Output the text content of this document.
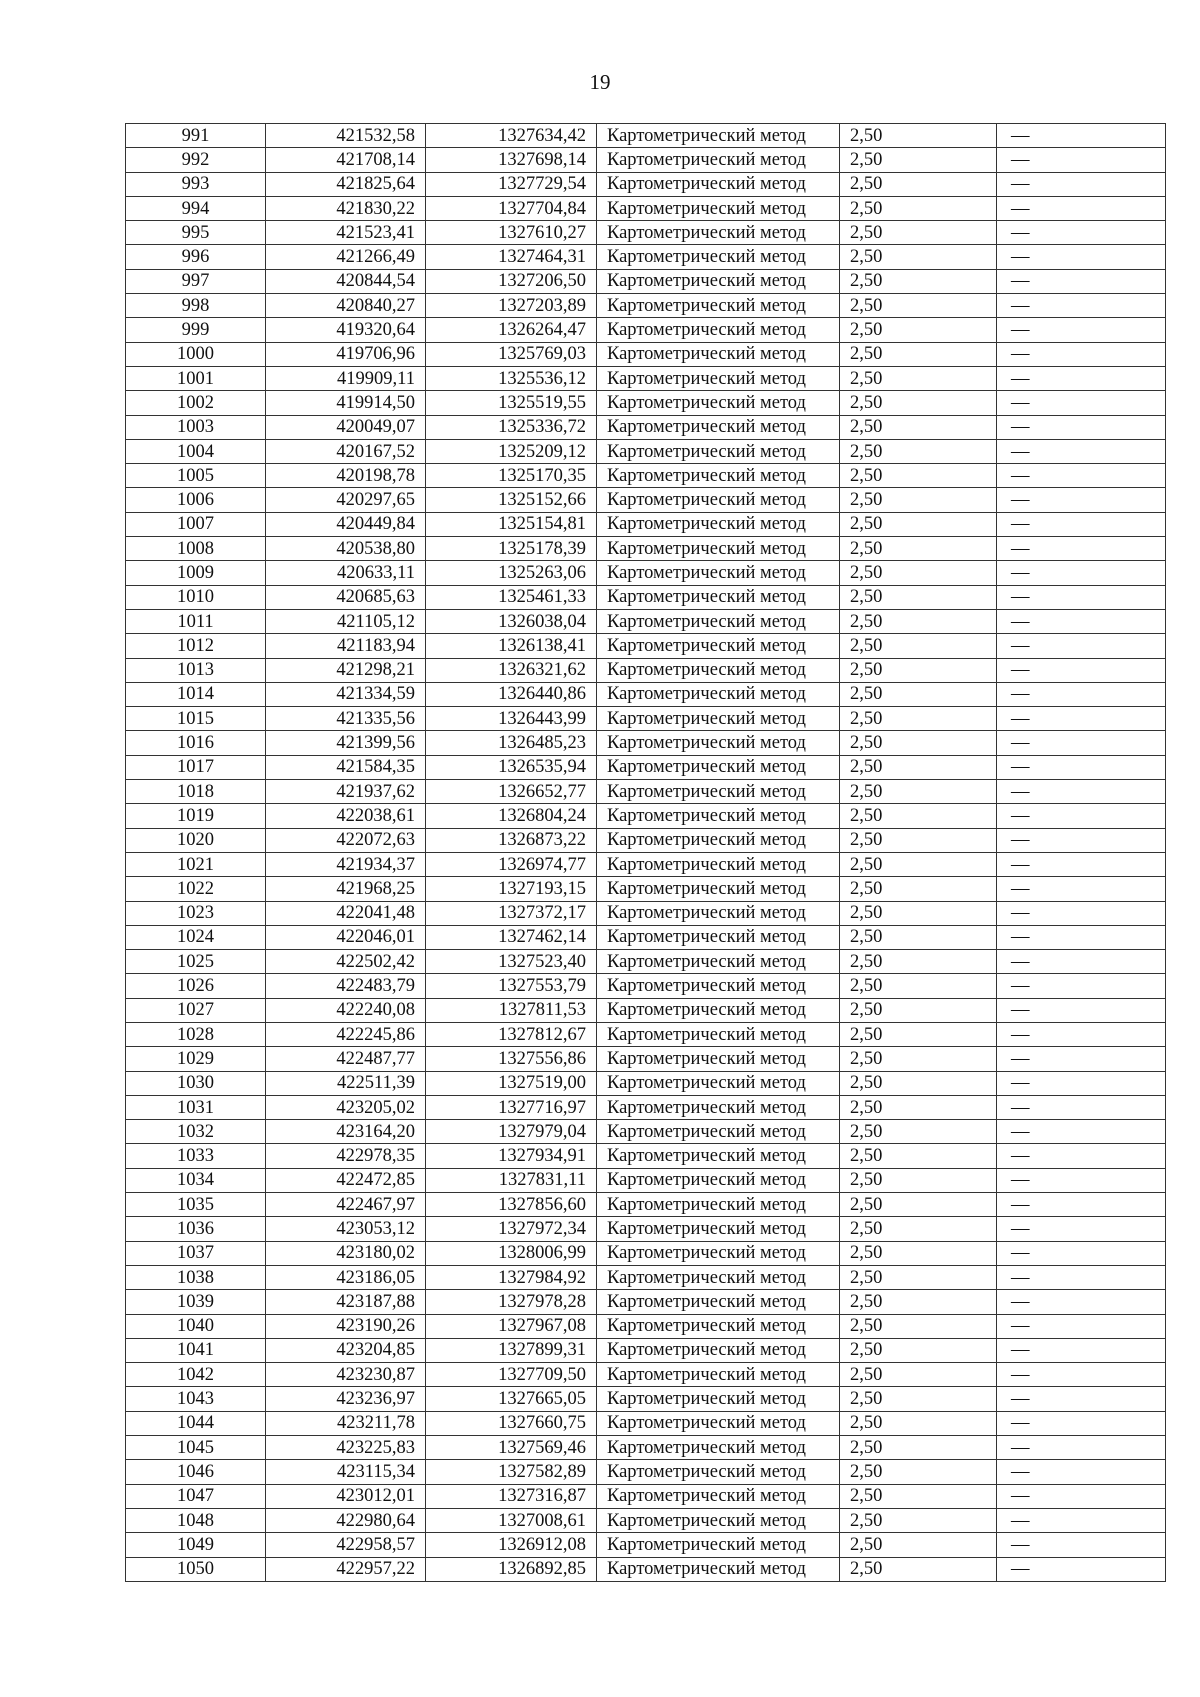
19
991	421532,58	1327634,42	Картометрический метод	2,50	—
992	421708,14	1327698,14	Картометрический метод	2,50	—
993	421825,64	1327729,54	Картометрический метод	2,50	—
994	421830,22	1327704,84	Картометрический метод	2,50	—
995	421523,41	1327610,27	Картометрический метод	2,50	—
996	421266,49	1327464,31	Картометрический метод	2,50	—
997	420844,54	1327206,50	Картометрический метод	2,50	—
998	420840,27	1327203,89	Картометрический метод	2,50	—
999	419320,64	1326264,47	Картометрический метод	2,50	—
1000	419706,96	1325769,03	Картометрический метод	2,50	—
1001	419909,11	1325536,12	Картометрический метод	2,50	—
1002	419914,50	1325519,55	Картометрический метод	2,50	—
1003	420049,07	1325336,72	Картометрический метод	2,50	—
1004	420167,52	1325209,12	Картометрический метод	2,50	—
1005	420198,78	1325170,35	Картометрический метод	2,50	—
1006	420297,65	1325152,66	Картометрический метод	2,50	—
1007	420449,84	1325154,81	Картометрический метод	2,50	—
1008	420538,80	1325178,39	Картометрический метод	2,50	—
1009	420633,11	1325263,06	Картометрический метод	2,50	—
1010	420685,63	1325461,33	Картометрический метод	2,50	—
1011	421105,12	1326038,04	Картометрический метод	2,50	—
1012	421183,94	1326138,41	Картометрический метод	2,50	—
1013	421298,21	1326321,62	Картометрический метод	2,50	—
1014	421334,59	1326440,86	Картометрический метод	2,50	—
1015	421335,56	1326443,99	Картометрический метод	2,50	—
1016	421399,56	1326485,23	Картометрический метод	2,50	—
1017	421584,35	1326535,94	Картометрический метод	2,50	—
1018	421937,62	1326652,77	Картометрический метод	2,50	—
1019	422038,61	1326804,24	Картометрический метод	2,50	—
1020	422072,63	1326873,22	Картометрический метод	2,50	—
1021	421934,37	1326974,77	Картометрический метод	2,50	—
1022	421968,25	1327193,15	Картометрический метод	2,50	—
1023	422041,48	1327372,17	Картометрический метод	2,50	—
1024	422046,01	1327462,14	Картометрический метод	2,50	—
1025	422502,42	1327523,40	Картометрический метод	2,50	—
1026	422483,79	1327553,79	Картометрический метод	2,50	—
1027	422240,08	1327811,53	Картометрический метод	2,50	—
1028	422245,86	1327812,67	Картометрический метод	2,50	—
1029	422487,77	1327556,86	Картометрический метод	2,50	—
1030	422511,39	1327519,00	Картометрический метод	2,50	—
1031	423205,02	1327716,97	Картометрический метод	2,50	—
1032	423164,20	1327979,04	Картометрический метод	2,50	—
1033	422978,35	1327934,91	Картометрический метод	2,50	—
1034	422472,85	1327831,11	Картометрический метод	2,50	—
1035	422467,97	1327856,60	Картометрический метод	2,50	—
1036	423053,12	1327972,34	Картометрический метод	2,50	—
1037	423180,02	1328006,99	Картометрический метод	2,50	—
1038	423186,05	1327984,92	Картометрический метод	2,50	—
1039	423187,88	1327978,28	Картометрический метод	2,50	—
1040	423190,26	1327967,08	Картометрический метод	2,50	—
1041	423204,85	1327899,31	Картометрический метод	2,50	—
1042	423230,87	1327709,50	Картометрический метод	2,50	—
1043	423236,97	1327665,05	Картометрический метод	2,50	—
1044	423211,78	1327660,75	Картометрический метод	2,50	—
1045	423225,83	1327569,46	Картометрический метод	2,50	—
1046	423115,34	1327582,89	Картометрический метод	2,50	—
1047	423012,01	1327316,87	Картометрический метод	2,50	—
1048	422980,64	1327008,61	Картометрический метод	2,50	—
1049	422958,57	1326912,08	Картометрический метод	2,50	—
1050	422957,22	1326892,85	Картометрический метод	2,50	—
